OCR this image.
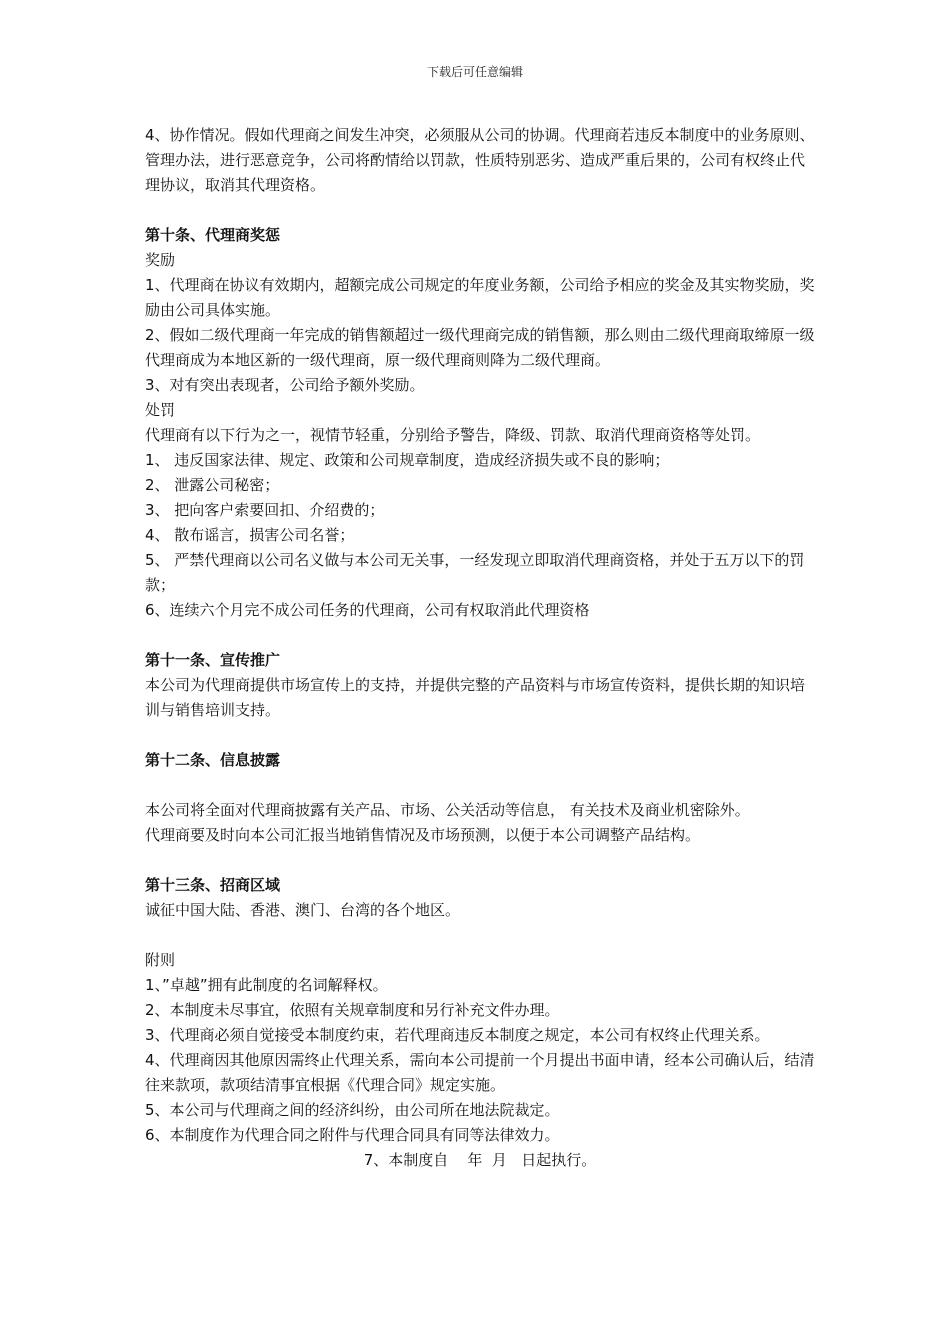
下载后可任意编辑

4、协作情况。假如代理商之间发生冲突，必须服从公司的协调。代理商若违反本制度中的业务原则、管理办法，进行恶意竞争，公司将酌情给以罚款，性质特别恶劣、造成严重后果的，公司有权终止代理协议，取消其代理资格。

第十条、代理商奖惩

奖励

1、代理商在协议有效期内，超额完成公司规定的年度业务额，公司给予相应的奖金及其实物奖励，奖励由公司具体实施。

2、假如二级代理商一年完成的销售额超过一级代理商完成的销售额，那么则由二级代理商取缔原一级代理商成为本地区新的一级代理商，原一级代理商则降为二级代理商。

3、对有突出表现者，公司给予额外奖励。

处罚

代理商有以下行为之一，视情节轻重，分别给予警告，降级、罚款、取消代理商资格等处罚。

1、 违反国家法律、规定、政策和公司规章制度，造成经济损失或不良的影响；

2、 泄露公司秘密；

3、 把向客户索要回扣、介绍费的；

4、 散布谣言，损害公司名誉；

5、 严禁代理商以公司名义做与本公司无关事，一经发现立即取消代理商资格，并处于五万以下的罚款；

6、连续六个月完不成公司任务的代理商，公司有权取消此代理资格

第十一条、宣传推广

本公司为代理商提供市场宣传上的支持，并提供完整的产品资料与市场宣传资料，提供长期的知识培训与销售培训支持。

第十二条、信息披露

本公司将全面对代理商披露有关产品、市场、公关活动等信息， 有关技术及商业机密除外。

代理商要及时向本公司汇报当地销售情况及市场预测，以便于本公司调整产品结构。

第十三条、招商区域

诚征中国大陆、香港、澳门、台湾的各个地区。

附则

1、”卓越”拥有此制度的名词解释权。

2、本制度未尽事宜，依照有关规章制度和另行补充文件办理。

3、代理商必须自觉接受本制度约束，若代理商违反本制度之规定，本公司有权终止代理关系。

4、代理商因其他原因需终止代理关系，需向本公司提前一个月提出书面申请，经本公司确认后，结清往来款项，款项结清事宜根据《代理合同》规定实施。

5、本公司与代理商之间的经济纠纷，由公司所在地法院裁定。

6、本制度作为代理合同之附件与代理合同具有同等法律效力。

7、本制度自    年  月   日起执行。
